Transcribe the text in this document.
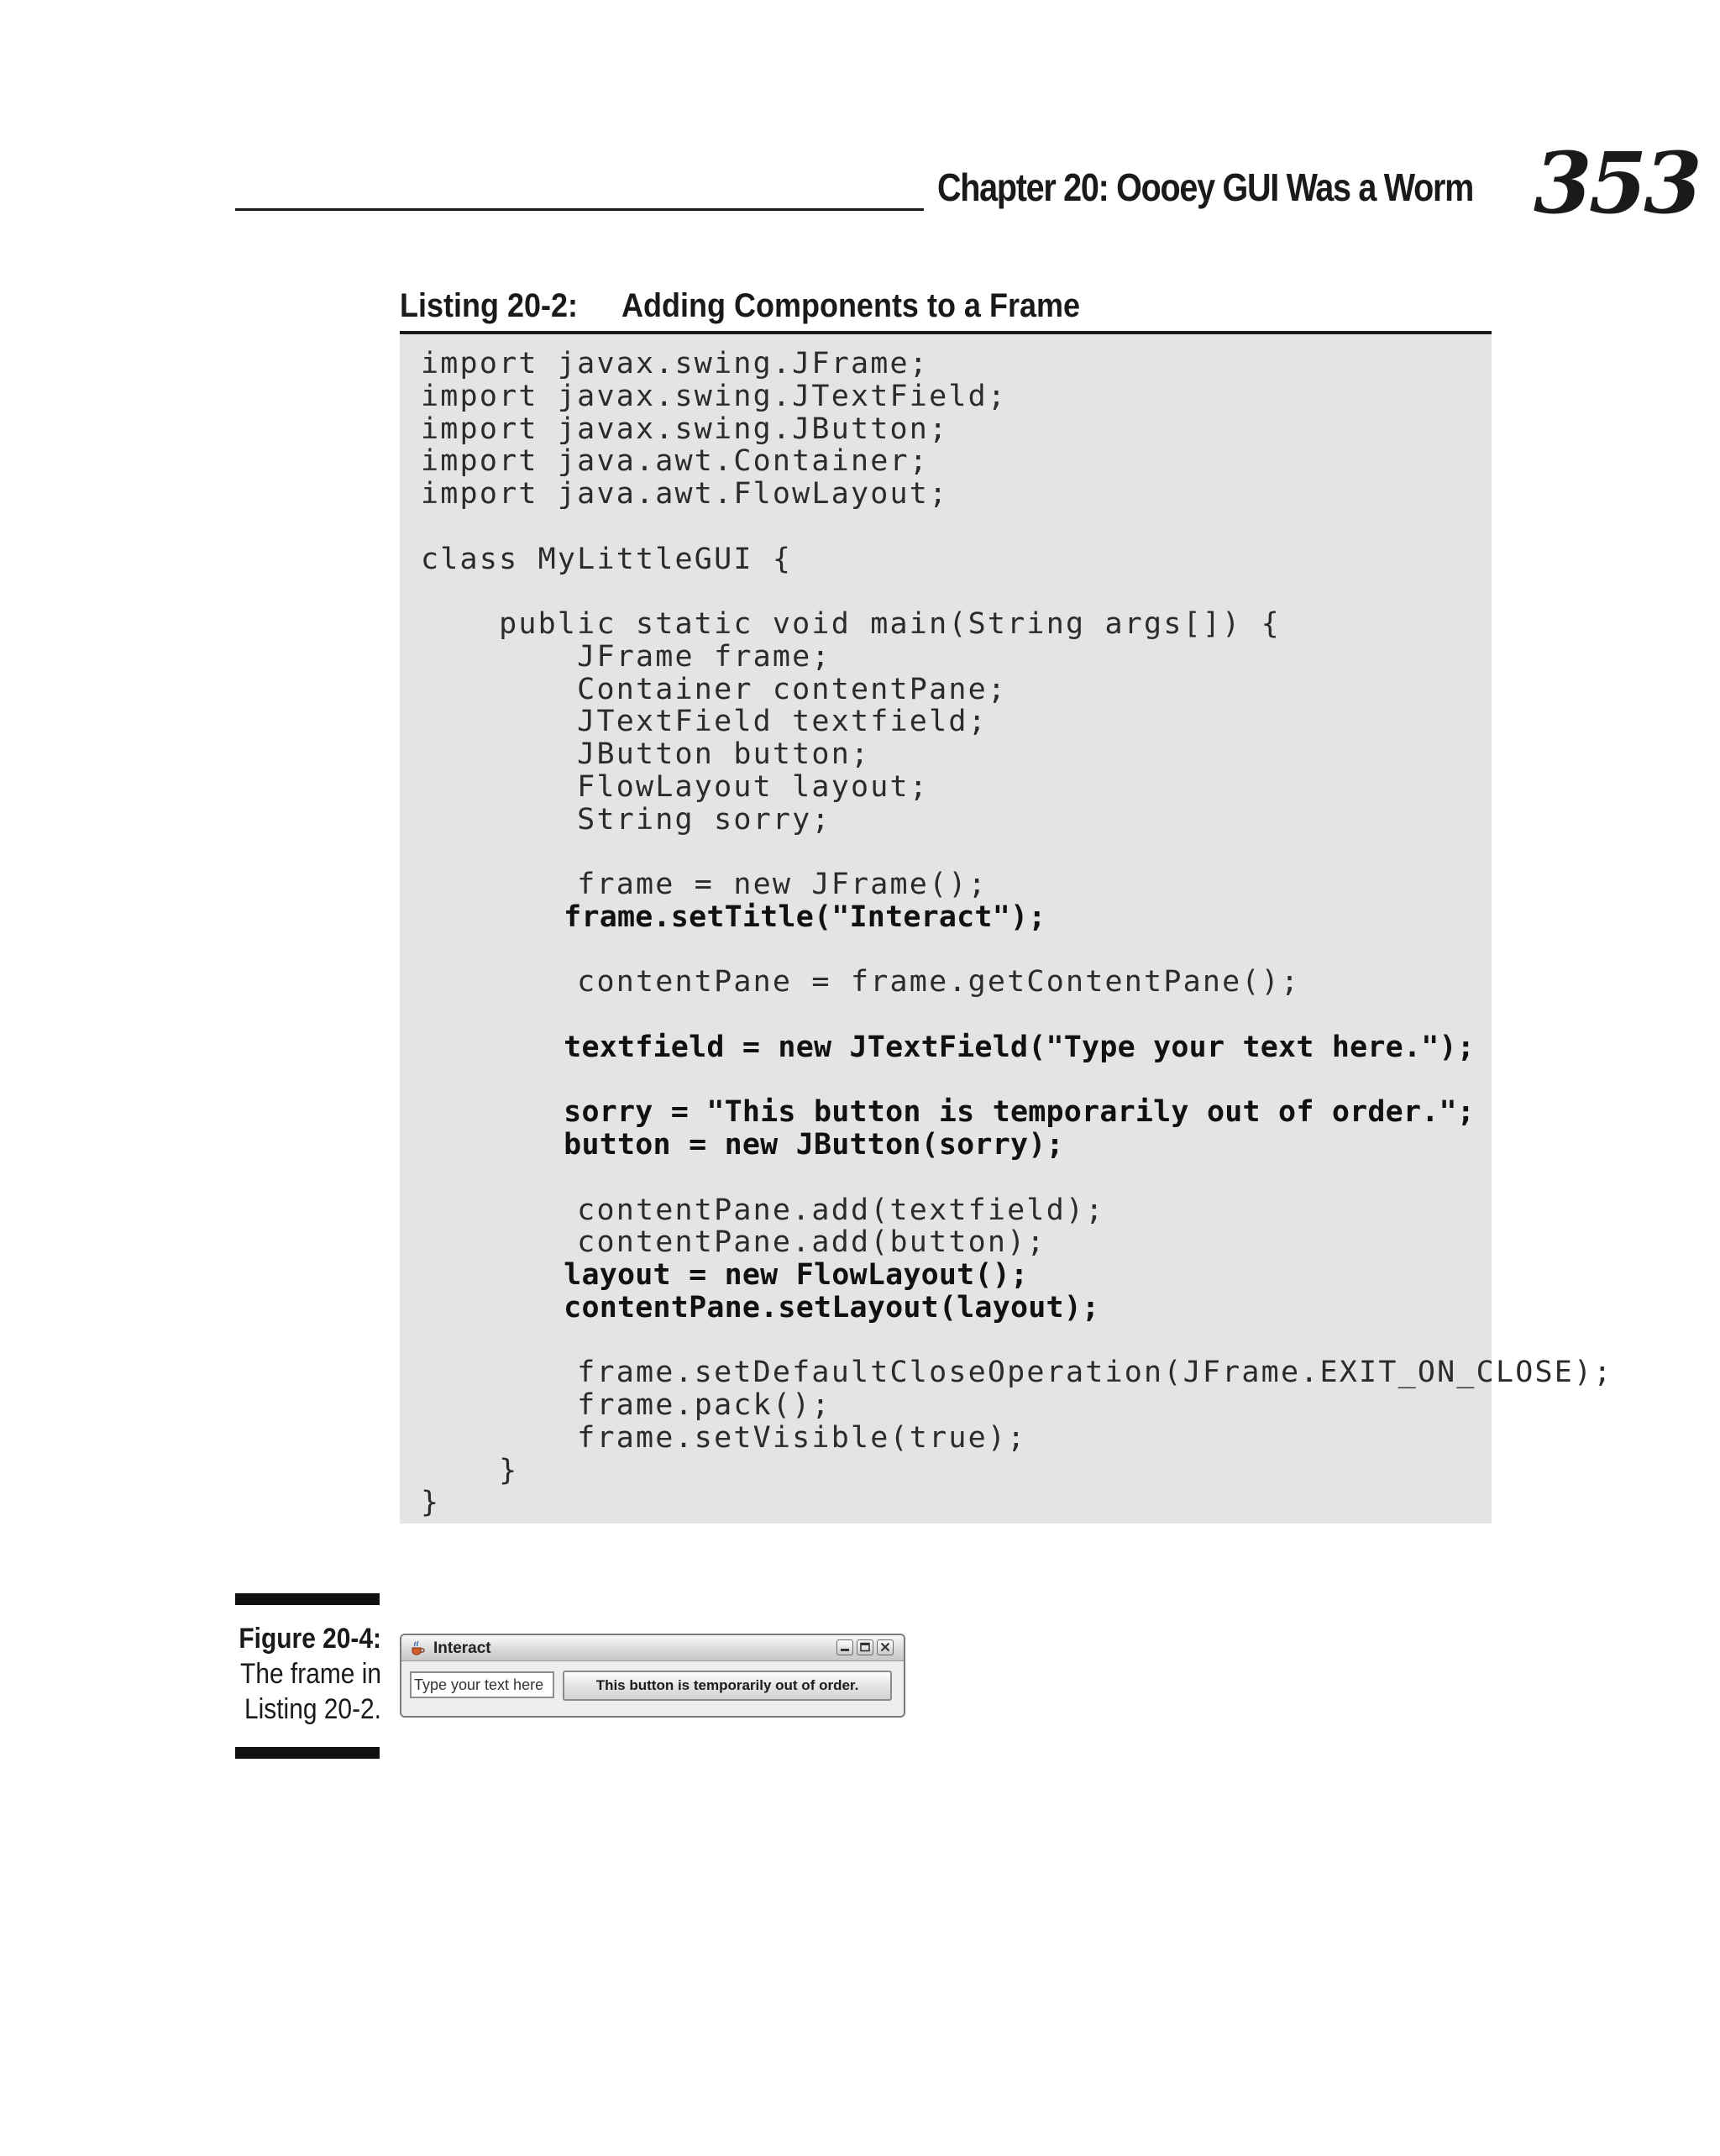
Chapter 20: Oooey GUI Was a Worm 353
Listing 20-2: Adding Components to a Frame
import javax.swing.JFrame;
import javax.swing.JTextField;
import javax.swing.JButton;
import java.awt.Container;
import java.awt.FlowLayout;
class MyLittleGUI {
public static void main(String args[]) {
JFrame frame;
Container contentPane;
JTextField textfield;
JButton button;
FlowLayout layout;
String sorry;
frame = new JFrame();
frame.setTitle("Interact");
contentPane = frame.getContentPane();
textfield = new JTextField("Type your text here.");
sorry = "This button is temporarily out of order.";
button = new JButton(sorry);
contentPane.add(textfield);
contentPane.add(button);
layout = new FlowLayout();
contentPane.setLayout(layout);
frame.setDefaultCloseOperation(JFrame.EXIT_ON_CLOSE);
frame.pack();
frame.setVisible(true);
}
}
Figure 20-4:
The frame in
Listing 20-2.
Interact
Type your text here	This button is temporarily out of order.
